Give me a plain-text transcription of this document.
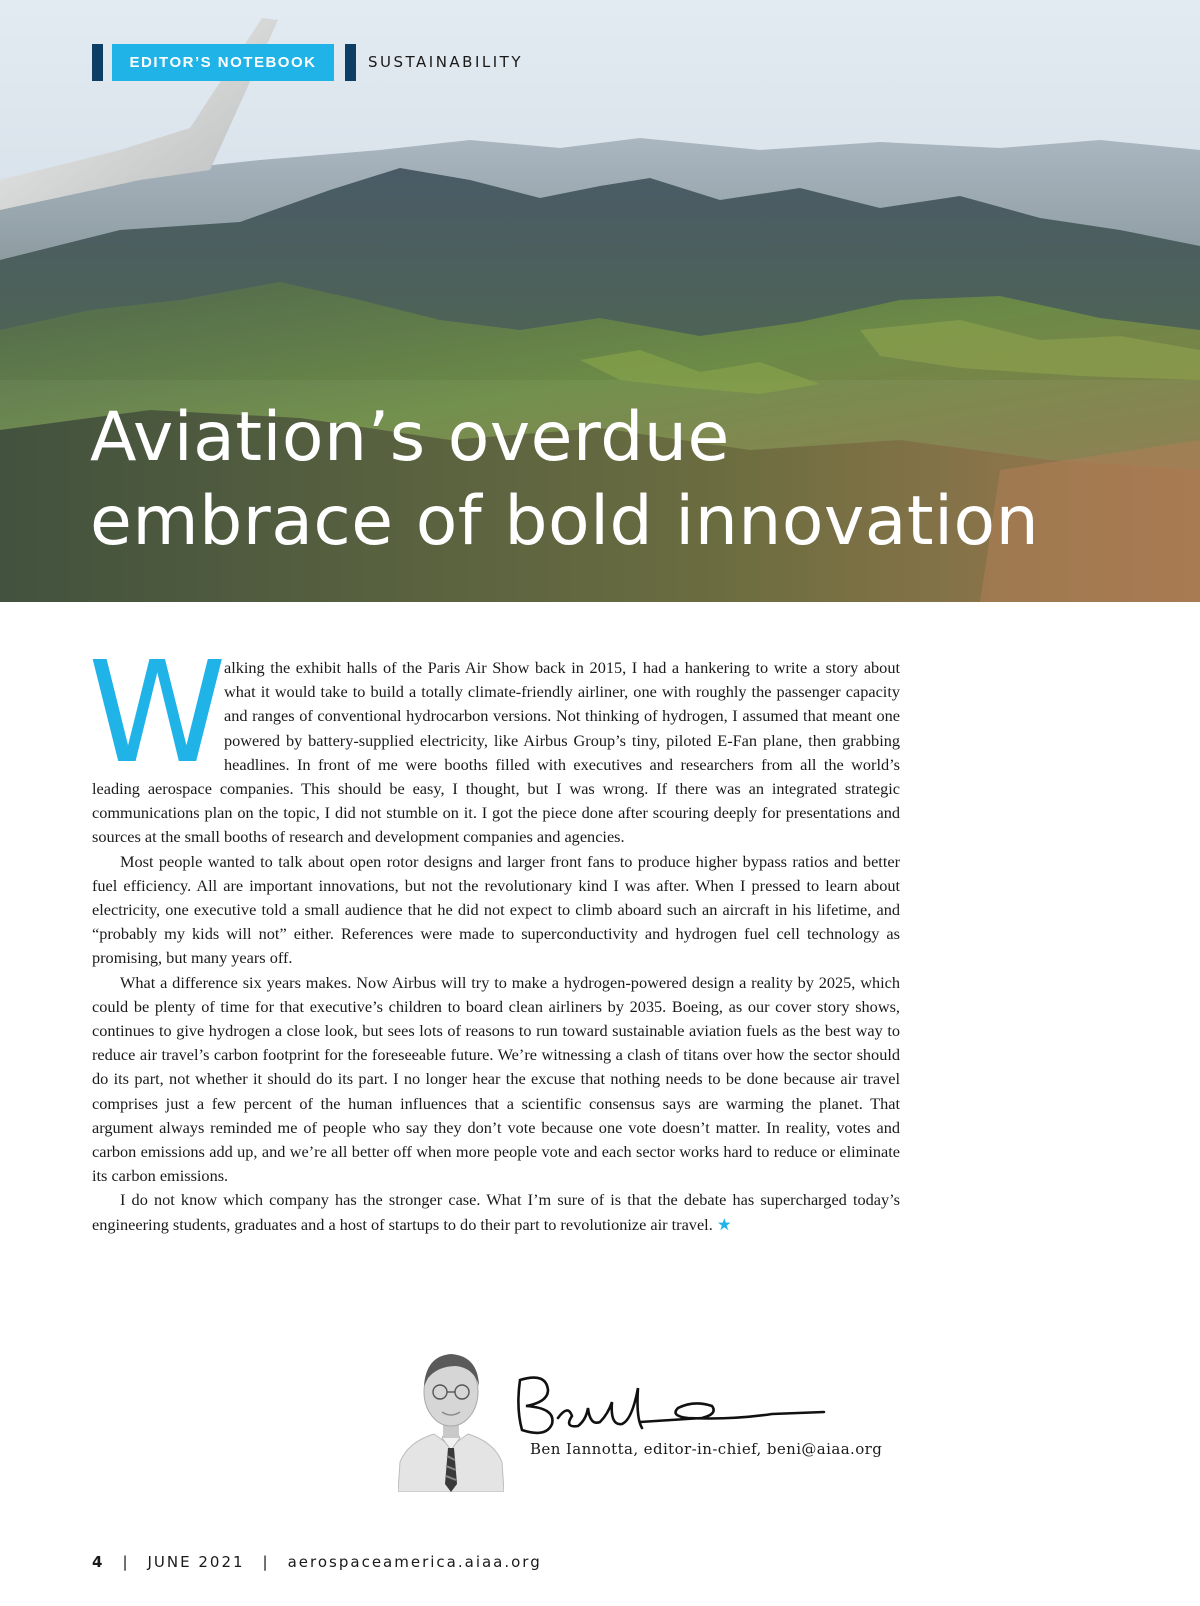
EDITOR’S NOTEBOOK	SUSTAINABILITY
Aviation’s overdue
embrace of bold innovation

W
alking the exhibit halls of the Paris Air Show back in 2015, I had a hankering to write a story about what it would take to build a totally climate-friendly airliner, one with roughly the passenger capacity and ranges of conventional hydrocarbon versions. Not thinking of hydrogen, I assumed that meant one powered by battery-supplied electricity, like Airbus Group’s tiny, piloted E-Fan plane, then grabbing headlines. In front of me were booths filled with executives and researchers from all the world’s leading aerospace companies. This should be easy, I thought, but I was wrong. If there was an integrated strategic communications plan on the topic, I did not stumble on it. I got the piece done after scouring deeply for presentations and sources at the small booths of research and development companies and agencies.

Most people wanted to talk about open rotor designs and larger front fans to produce higher bypass ratios and better fuel efficiency. All are important innovations, but not the revolutionary kind I was after. When I pressed to learn about electricity, one executive told a small audience that he did not expect to climb aboard such an aircraft in his lifetime, and “probably my kids will not” either. References were made to superconductivity and hydrogen fuel cell technology as promising, but many years off.

What a difference six years makes. Now Airbus will try to make a hydrogen-powered design a reality by 2025, which could be plenty of time for that executive’s children to board clean airliners by 2035. Boeing, as our cover story shows, continues to give hydrogen a close look, but sees lots of reasons to run toward sustainable aviation fuels as the best way to reduce air travel’s carbon footprint for the foreseeable future. We’re witnessing a clash of titans over how the sector should do its part, not whether it should do its part. I no longer hear the excuse that nothing needs to be done because air travel comprises just a few percent of the human influences that a scientific consensus says are warming the planet. That argument always reminded me of people who say they don’t vote because one vote doesn’t matter. In reality, votes and carbon emissions add up, and we’re all better off when more people vote and each sector works hard to reduce or eliminate its carbon emissions.

I do not know which company has the stronger case. What I’m sure of is that the debate has supercharged today’s engineering students, graduates and a host of startups to do their part to revolutionize air travel. ★

Ben Iannotta, editor-in-chief, beni@aiaa.org
4 | JUNE 2021 | aerospaceamerica.aiaa.org
